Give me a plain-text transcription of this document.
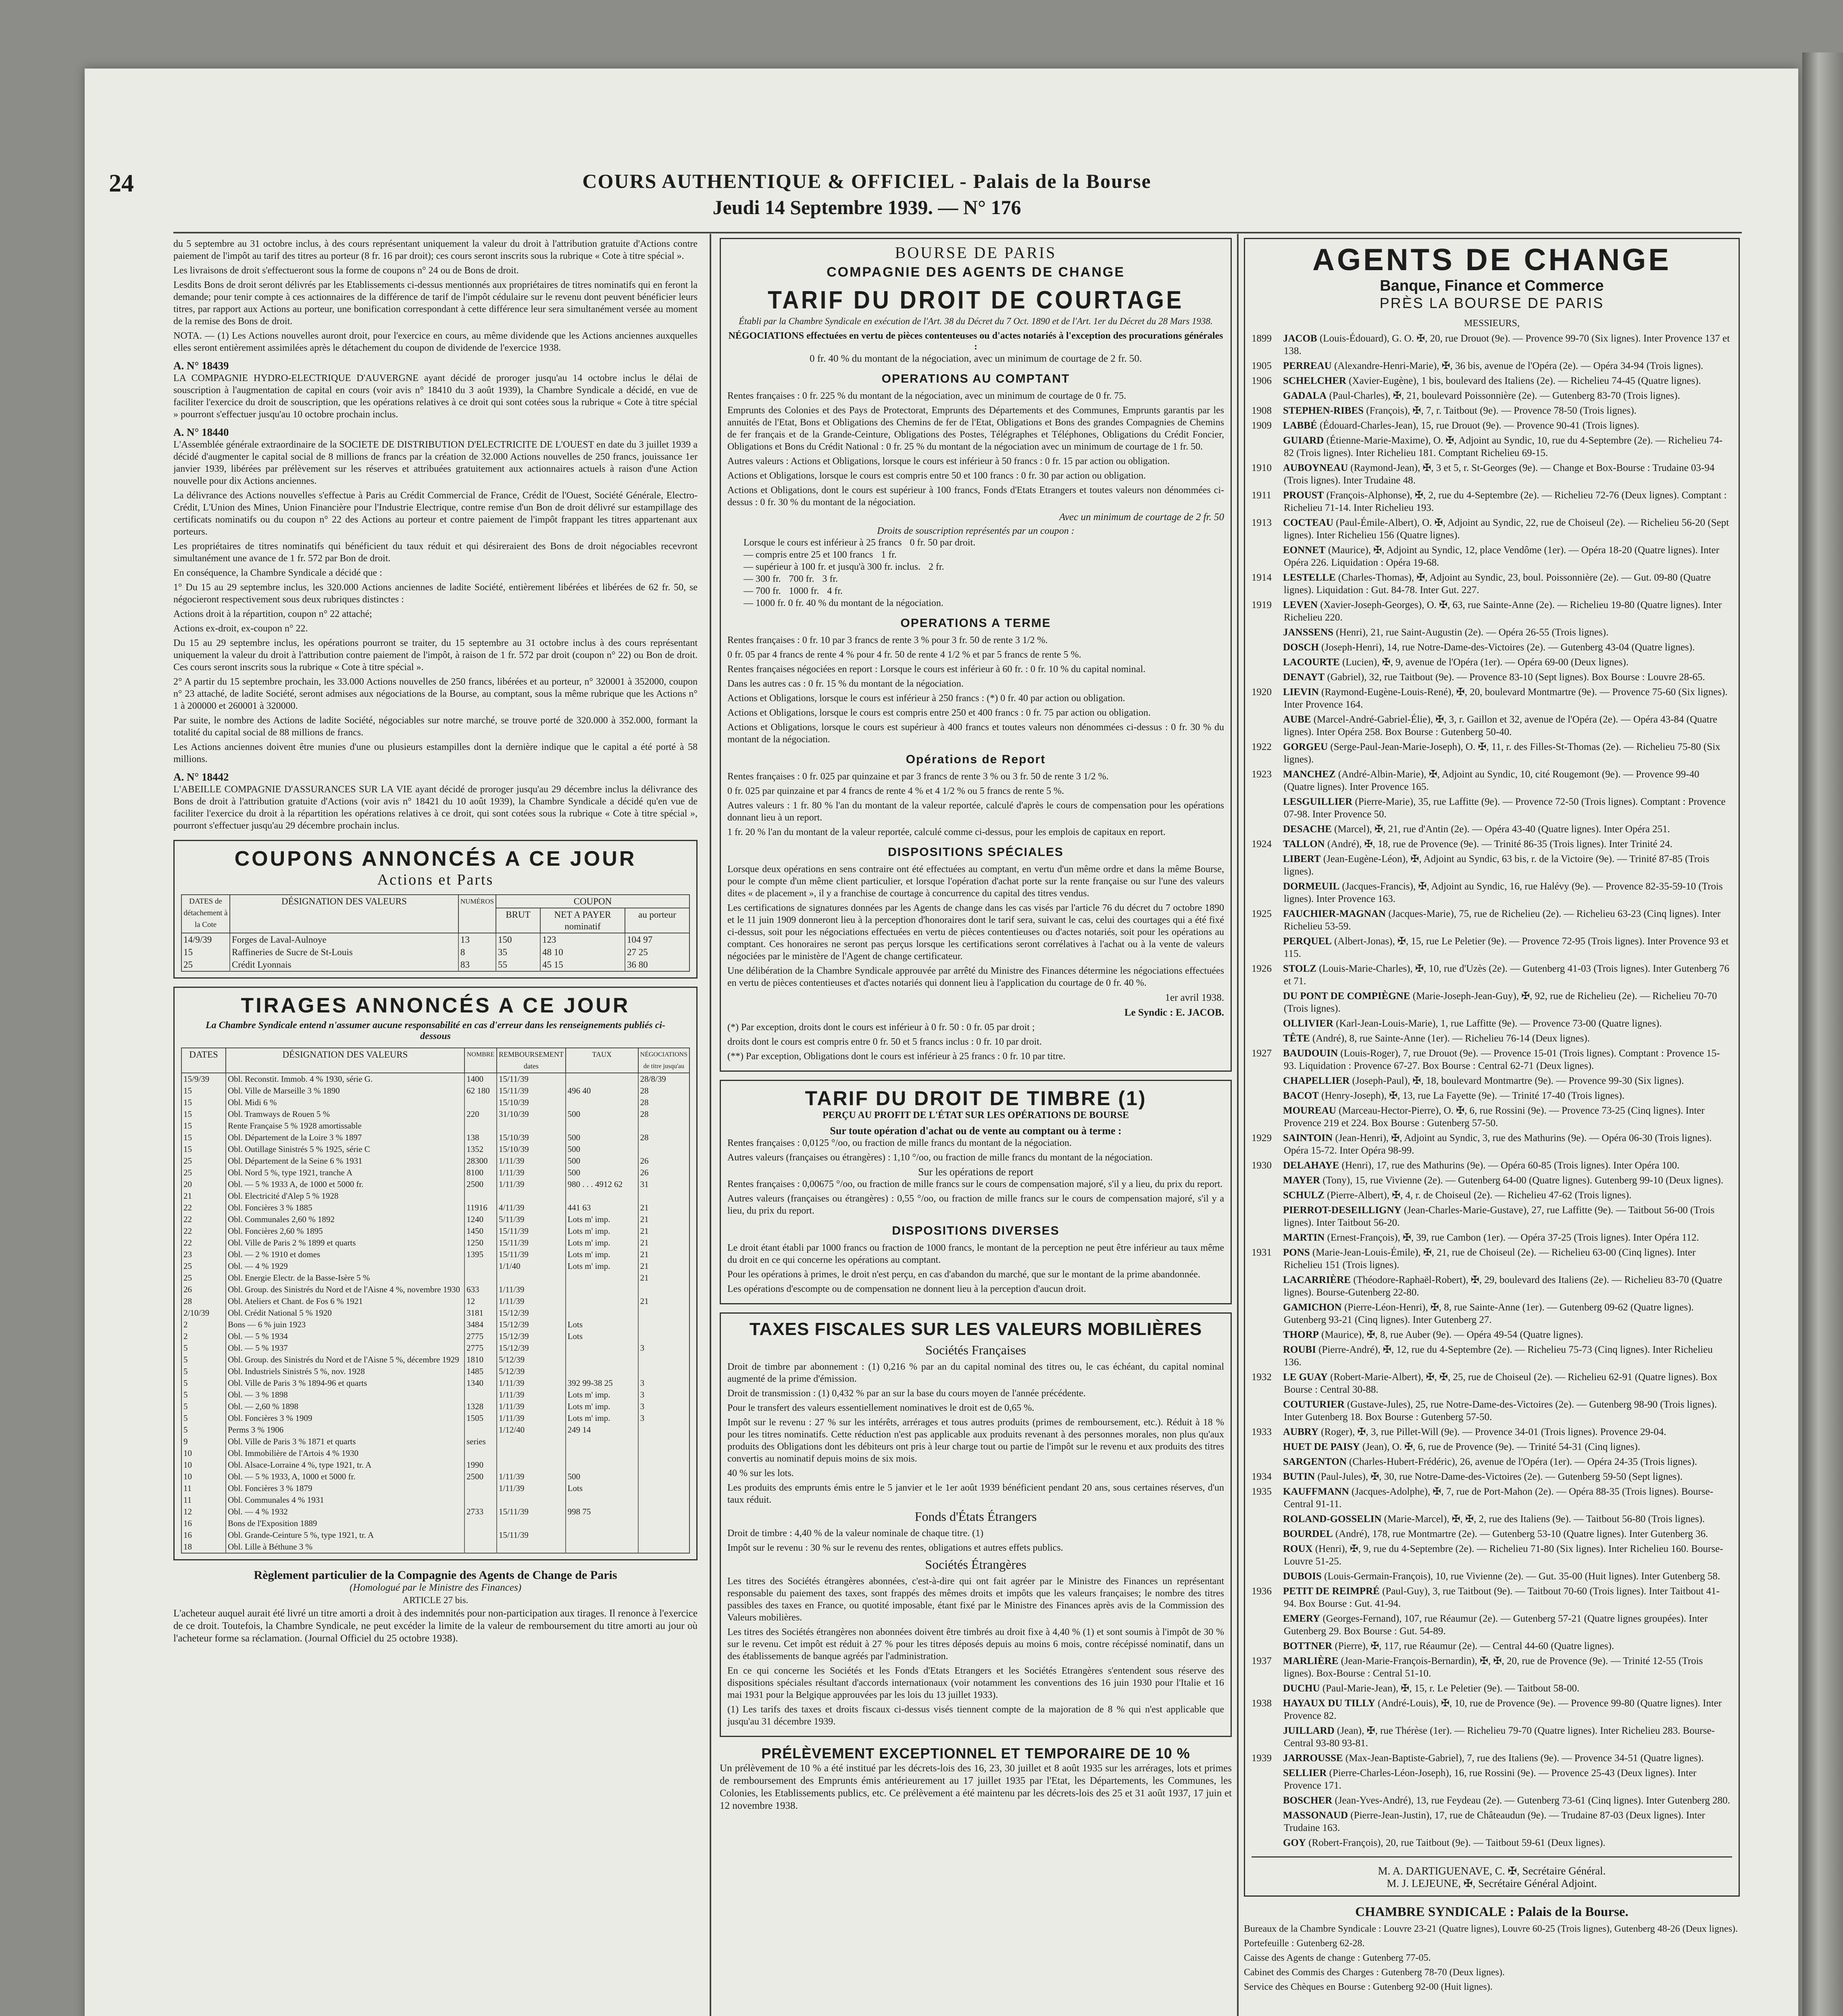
24	COURS AUTHENTIQUE & OFFICIEL - Palais de la Bourse
Jeudi 14 Septembre 1939. — N° 176

du 5 septembre au 31 octobre inclus, à des cours représentant uniquement la valeur du droit à l'attribution gratuite d'Actions contre paiement de l'impôt au tarif des titres au porteur (8 fr. 16 par droit); ces cours seront inscrits sous la rubrique « Cote à titre spécial ».

Les livraisons de droit s'effectueront sous la forme de coupons n° 24 ou de Bons de droit.

Lesdits Bons de droit seront délivrés par les Etablissements ci-dessus mentionnés aux propriétaires de titres nominatifs qui en feront la demande; pour tenir compte à ces actionnaires de la différence de tarif de l'impôt cédulaire sur le revenu dont peuvent bénéficier leurs titres, par rapport aux Actions au porteur, une bonification correspondant à cette différence leur sera simultanément versée au moment de la remise des Bons de droit.

NOTA. — (1) Les Actions nouvelles auront droit, pour l'exercice en cours, au même dividende que les Actions anciennes auxquelles elles seront entièrement assimilées après le détachement du coupon de dividende de l'exercice 1938.

A. N° 18439

LA COMPAGNIE HYDRO-ELECTRIQUE D'AUVERGNE ayant décidé de proroger jusqu'au 14 octobre inclus le délai de souscription à l'augmentation de capital en cours (voir avis n° 18410 du 3 août 1939), la Chambre Syndicale a décidé, en vue de faciliter l'exercice du droit de souscription, que les opérations relatives à ce droit qui sont cotées sous la rubrique « Cote à titre spécial » pourront s'effectuer jusqu'au 10 octobre prochain inclus.

A. N° 18440

L'Assemblée générale extraordinaire de la SOCIETE DE DISTRIBUTION D'ELECTRICITE DE L'OUEST en date du 3 juillet 1939 a décidé d'augmenter le capital social de 8 millions de francs par la création de 32.000 Actions nouvelles de 250 francs, jouissance 1er janvier 1939, libérées par prélèvement sur les réserves et attribuées gratuitement aux actionnaires actuels à raison d'une Action nouvelle pour dix Actions anciennes.

La délivrance des Actions nouvelles s'effectue à Paris au Crédit Commercial de France, Crédit de l'Ouest, Société Générale, Electro-Crédit, L'Union des Mines, Union Financière pour l'Industrie Electrique, contre remise d'un Bon de droit délivré sur estampillage des certificats nominatifs ou du coupon n° 22 des Actions au porteur et contre paiement de l'impôt frappant les titres appartenant aux porteurs.

Les propriétaires de titres nominatifs qui bénéficient du taux réduit et qui désireraient des Bons de droit négociables recevront simultanément une avance de 1 fr. 572 par Bon de droit.

En conséquence, la Chambre Syndicale a décidé que :

1° Du 15 au 29 septembre inclus, les 320.000 Actions anciennes de ladite Société, entièrement libérées et libérées de 62 fr. 50, se négocieront respectivement sous deux rubriques distinctes :

Actions droit à la répartition, coupon n° 22 attaché;

Actions ex-droit, ex-coupon n° 22.

Du 15 au 29 septembre inclus, les opérations pourront se traiter, du 15 septembre au 31 octobre inclus à des cours représentant uniquement la valeur du droit à l'attribution contre paiement de l'impôt, à raison de 1 fr. 572 par droit (coupon n° 22) ou Bon de droit. Ces cours seront inscrits sous la rubrique « Cote à titre spécial ».

2° A partir du 15 septembre prochain, les 33.000 Actions nouvelles de 250 francs, libérées et au porteur, n° 320001 à 352000, coupon n° 23 attaché, de ladite Société, seront admises aux négociations de la Bourse, au comptant, sous la même rubrique que les Actions n° 1 à 200000 et 260001 à 320000.

Par suite, le nombre des Actions de ladite Société, négociables sur notre marché, se trouve porté de 320.000 à 352.000, formant la totalité du capital social de 88 millions de francs.

Les Actions anciennes doivent être munies d'une ou plusieurs estampilles dont la dernière indique que le capital a été porté à 58 millions.

A. N° 18442

L'ABEILLE COMPAGNIE D'ASSURANCES SUR LA VIE ayant décidé de proroger jusqu'au 29 décembre inclus la délivrance des Bons de droit à l'attribution gratuite d'Actions (voir avis n° 18421 du 10 août 1939), la Chambre Syndicale a décidé qu'en vue de faciliter l'exercice du droit à la répartition les opérations relatives à ce droit, qui sont cotées sous la rubrique « Cote à titre spécial », pourront s'effectuer jusqu'au 29 décembre prochain inclus.

COUPONS ANNONCÉS A CE JOUR
Actions et Parts
DATES de détachement à la Cote	DÉSIGNATION DES VALEURS	NUMÉROS	COUPON		
			BRUT	NET A PAYER nominatif	au porteur
14/9/39	Forges de Laval-Aulnoye	13	150	123	104 97
15	Raffineries de Sucre de St-Louis	8	35	48 10	27 25
25	Crédit Lyonnais	83	55	45 15	36 80
TIRAGES ANNONCÉS A CE JOUR
La Chambre Syndicale entend n'assumer aucune responsabilité en cas d'erreur dans les renseignements publiés ci-dessous
DATES	DÉSIGNATION DES VALEURS	NOMBRE	REMBOURSEMENT dates	TAUX	NÉGOCIATIONS de titre jusqu'au
15/9/39	Obl. Reconstit. Immob. 4 % 1930, série G.	1400	15/11/39		28/8/39
15	Obl. Ville de Marseille 3 % 1890	62 180	15/11/39	496 40	28
15	Obl. Midi 6 %		15/10/39		28
15	Obl. Tramways de Rouen 5 %	220	31/10/39	500	28
15	Rente Française 5 % 1928 amortissable				
15	Obl. Département de la Loire 3 % 1897	138	15/10/39	500	28
15	Obl. Outillage Sinistrés 5 % 1925, série C	1352	15/10/39	500	
25	Obl. Département de la Seine 6 % 1931	28300	1/11/39	500	26
25	Obl. Nord 5 %, type 1921, tranche A	8100	1/11/39	500	26
20	Obl. — 5 % 1933 A, de 1000 et 5000 fr.	2500	1/11/39	980 . . . 4912 62	31
21	Obl. Electricité d'Alep 5 % 1928				
22	Obl. Foncières 3 % 1885	11916	4/11/39	441 63	21
22	Obl. Communales 2,60 % 1892	1240	5/11/39	Lots m' imp.	21
22	Obl. Foncières 2,60 % 1895	1450	15/11/39	Lots m' imp.	21
22	Obl. Ville de Paris 2 % 1899 et quarts	1250	15/11/39	Lots m' imp.	21
23	Obl. — 2 % 1910 et domes	1395	15/11/39	Lots m' imp.	21
25	Obl. — 4 % 1929		1/1/40	Lots m' imp.	21
25	Obl. Energie Electr. de la Basse-Isère 5 %				21
26	Obl. Group. des Sinistrés du Nord et de l'Aisne 4 %, novembre 1930	633	1/11/39		
28	Obl. Ateliers et Chant. de Fos 6 % 1921	12	1/11/39		21
2/10/39	Obl. Crédit National 5 % 1920	3181	15/12/39		
2	Bons — 6 % juin 1923	3484	15/12/39	Lots	
2	Obl. — 5 % 1934	2775	15/12/39	Lots	
5	Obl. — 5 % 1937	2775	15/12/39		3
5	Obl. Group. des Sinistrés du Nord et de l'Aisne 5 %, décembre 1929	1810	5/12/39		
5	Obl. Industriels Sinistrés 5 %, nov. 1928	1485	5/12/39		
5	Obl. Ville de Paris 3 % 1894-96 et quarts	1340	1/11/39	392 99-38 25	3
5	Obl. — 3 % 1898		1/11/39	Lots m' imp.	3
5	Obl. — 2,60 % 1898	1328	1/11/39	Lots m' imp.	3
5	Obl. Foncières 3 % 1909	1505	1/11/39	Lots m' imp.	3
5	Perms 3 % 1906		1/12/40	249 14	
9	Obl. Ville de Paris 3 % 1871 et quarts	series			
10	Obl. Immobilière de l'Artois 4 % 1930				
10	Obl. Alsace-Lorraine 4 %, type 1921, tr. A	1990			
10	Obl. — 5 % 1933, A, 1000 et 5000 fr.	2500	1/11/39	500	
11	Obl. Foncières 3 % 1879		1/11/39	Lots	
11	Obl. Communales 4 % 1931				
12	Obl. — 4 % 1932	2733	15/11/39	998 75	
16	Bons de l'Exposition 1889				
16	Obl. Grande-Ceinture 5 %, type 1921, tr. A		15/11/39		
18	Obl. Lille à Béthune 3 %				
Règlement particulier de la Compagnie des Agents de Change de Paris
(Homologué par le Ministre des Finances)
ARTICLE 27 bis.

L'acheteur auquel aurait été livré un titre amorti a droit à des indemnités pour non-participation aux tirages. Il renonce à l'exercice de ce droit. Toutefois, la Chambre Syndicale, ne peut excéder la limite de la valeur de remboursement du titre amorti au jour où l'acheteur forme sa réclamation. (Journal Officiel du 25 octobre 1938).

BOURSE DE PARIS
COMPAGNIE DES AGENTS DE CHANGE
TARIF DU DROIT DE COURTAGE
Établi par la Chambre Syndicale en exécution de l'Art. 38 du Décret du 7 Oct. 1890 et de l'Art. 1er du Décret du 28 Mars 1938.
NÉGOCIATIONS effectuées en vertu de pièces contenteuses ou d'actes notariés à l'exception des procurations générales :

0 fr. 40 % du montant de la négociation, avec un minimum de courtage de 2 fr. 50.

OPERATIONS AU COMPTANT

Rentes françaises : 0 fr. 225 % du montant de la négociation, avec un minimum de courtage de 0 fr. 75.

Emprunts des Colonies et des Pays de Protectorat, Emprunts des Départements et des Communes, Emprunts garantis par les annuités de l'Etat, Bons et Obligations des Chemins de fer de l'Etat, Obligations et Bons des grandes Compagnies de Chemins de fer français et de la Grande-Ceinture, Obligations des Postes, Télégraphes et Téléphones, Obligations du Crédit Foncier, Obligations et Bons du Crédit National : 0 fr. 25 % du montant de la négociation avec un minimum de courtage de 1 fr. 50.

Autres valeurs : Actions et Obligations, lorsque le cours est inférieur à 50 francs : 0 fr. 15 par action ou obligation.

Actions et Obligations, lorsque le cours est compris entre 50 et 100 francs : 0 fr. 30 par action ou obligation.

Actions et Obligations, dont le cours est supérieur à 100 francs, Fonds d'Etats Etrangers et toutes valeurs non dénommées ci-dessus : 0 fr. 30 % du montant de la négociation.

Avec un minimum de courtage de 2 fr. 50

Droits de souscription représentés par un coupon :
Lorsque le cours est inférieur à 25 francs 0 fr. 50 par droit.
— compris entre 25 et 100 francs 1 fr.
— supérieur à 100 fr. et jusqu'à 300 fr. inclus. 2 fr.
— 300 fr. 700 fr. 3 fr.
— 700 fr. 1000 fr. 4 fr.
— 1000 fr. 0 fr. 40 % du montant de la négociation.
OPERATIONS A TERME

Rentes françaises : 0 fr. 10 par 3 francs de rente 3 % pour 3 fr. 50 de rente 3 1/2 %.

0 fr. 05 par 4 francs de rente 4 % pour 4 fr. 50 de rente 4 1/2 % et par 5 francs de rente 5 %.

Rentes françaises négociées en report : Lorsque le cours est inférieur à 60 fr. : 0 fr. 10 % du capital nominal.

Dans les autres cas : 0 fr. 15 % du montant de la négociation.

Actions et Obligations, lorsque le cours est inférieur à 250 francs : (*) 0 fr. 40 par action ou obligation.

Actions et Obligations, lorsque le cours est compris entre 250 et 400 francs : 0 fr. 75 par action ou obligation.

Actions et Obligations, lorsque le cours est supérieur à 400 francs et toutes valeurs non dénommées ci-dessus : 0 fr. 30 % du montant de la négociation.

Opérations de Report

Rentes françaises : 0 fr. 025 par quinzaine et par 3 francs de rente 3 % ou 3 fr. 50 de rente 3 1/2 %.

0 fr. 025 par quinzaine et par 4 francs de rente 4 % et 4 1/2 % ou 5 francs de rente 5 %.

Autres valeurs : 1 fr. 80 % l'an du montant de la valeur reportée, calculé d'après le cours de compensation pour les opérations donnant lieu à un report.

1 fr. 20 % l'an du montant de la valeur reportée, calculé comme ci-dessus, pour les emplois de capitaux en report.

DISPOSITIONS SPÉCIALES

Lorsque deux opérations en sens contraire ont été effectuées au comptant, en vertu d'un même ordre et dans la même Bourse, pour le compte d'un même client particulier, et lorsque l'opération d'achat porte sur la rente française ou sur l'une des valeurs dites « de placement », il y a franchise de courtage à concurrence du capital des titres vendus.

Les certifications de signatures données par les Agents de change dans les cas visés par l'article 76 du décret du 7 octobre 1890 et le 11 juin 1909 donneront lieu à la perception d'honoraires dont le tarif sera, suivant le cas, celui des courtages qui a été fixé ci-dessus, soit pour les négociations effectuées en vertu de pièces contentieuses ou d'actes notariés, soit pour les opérations au comptant. Ces honoraires ne seront pas perçus lorsque les certifications seront corrélatives à l'achat ou à la vente de valeurs négociées par le ministère de l'Agent de change certificateur.

Une délibération de la Chambre Syndicale approuvée par arrêté du Ministre des Finances détermine les négociations effectuées en vertu de pièces contentieuses et d'actes notariés qui donnent lieu à l'application du courtage de 0 fr. 40 %.

1er avril 1938.

Le Syndic : E. JACOB.

(*) Par exception, droits dont le cours est inférieur à 0 fr. 50 : 0 fr. 05 par droit ;

droits dont le cours est compris entre 0 fr. 50 et 5 francs inclus : 0 fr. 10 par droit.

(**) Par exception, Obligations dont le cours est inférieur à 25 francs : 0 fr. 10 par titre.

TARIF DU DROIT DE TIMBRE (1)
PERÇU AU PROFIT DE L'ÉTAT SUR LES OPÉRATIONS DE BOURSE
Sur toute opération d'achat ou de vente au comptant ou à terme :

Rentes françaises : 0,0125 °/oo, ou fraction de mille francs du montant de la négociation.

Autres valeurs (françaises ou étrangères) : 1,10 °/oo, ou fraction de mille francs du montant de la négociation.

Sur les opérations de report

Rentes françaises : 0,00675 °/oo, ou fraction de mille francs sur le cours de compensation majoré, s'il y a lieu, du prix du report.

Autres valeurs (françaises ou étrangères) : 0,55 °/oo, ou fraction de mille francs sur le cours de compensation majoré, s'il y a lieu, du prix du report.

DISPOSITIONS DIVERSES

Le droit étant établi par 1000 francs ou fraction de 1000 francs, le montant de la perception ne peut être inférieur au taux même du droit en ce qui concerne les opérations au comptant.

Pour les opérations à primes, le droit n'est perçu, en cas d'abandon du marché, que sur le montant de la prime abandonnée.

Les opérations d'escompte ou de compensation ne donnent lieu à la perception d'aucun droit.

TAXES FISCALES SUR LES VALEURS MOBILIÈRES
Sociétés Françaises

Droit de timbre par abonnement : (1) 0,216 % par an du capital nominal des titres ou, le cas échéant, du capital nominal augmenté de la prime d'émission.

Droit de transmission : (1) 0,432 % par an sur la base du cours moyen de l'année précédente.

Pour le transfert des valeurs essentiellement nominatives le droit est de 0,65 %.

Impôt sur le revenu : 27 % sur les intérêts, arrérages et tous autres produits (primes de remboursement, etc.). Réduit à 18 % pour les titres nominatifs. Cette réduction n'est pas applicable aux produits revenant à des personnes morales, non plus qu'aux produits des Obligations dont les débiteurs ont pris à leur charge tout ou partie de l'impôt sur le revenu et aux produits des titres convertis au nominatif depuis moins de six mois.

40 % sur les lots.

Les produits des emprunts émis entre le 5 janvier et le 1er août 1939 bénéficient pendant 20 ans, sous certaines réserves, d'un taux réduit.

Fonds d'États Étrangers

Droit de timbre : 4,40 % de la valeur nominale de chaque titre. (1)

Impôt sur le revenu : 30 % sur le revenu des rentes, obligations et autres effets publics.

Sociétés Étrangères

Les titres des Sociétés étrangères abonnées, c'est-à-dire qui ont fait agréer par le Ministre des Finances un représentant responsable du paiement des taxes, sont frappés des mêmes droits et impôts que les valeurs françaises; le nombre des titres passibles des taxes en France, ou quotité imposable, étant fixé par le Ministre des Finances après avis de la Commission des Valeurs mobilières.

Les titres des Sociétés étrangères non abonnées doivent être timbrés au droit fixe à 4,40 % (1) et sont soumis à l'impôt de 30 % sur le revenu. Cet impôt est réduit à 27 % pour les titres déposés depuis au moins 6 mois, contre récépissé nominatif, dans un des établissements de banque agréés par l'administration.

En ce qui concerne les Sociétés et les Fonds d'Etats Etrangers et les Sociétés Etrangères s'entendent sous réserve des dispositions spéciales résultant d'accords internationaux (voir notamment les conventions des 16 juin 1930 pour l'Italie et 16 mai 1931 pour la Belgique approuvées par les lois du 13 juillet 1933).

(1) Les tarifs des taxes et droits fiscaux ci-dessus visés tiennent compte de la majoration de 8 % qui n'est applicable que jusqu'au 31 décembre 1939.

PRÉLÈVEMENT EXCEPTIONNEL ET TEMPORAIRE DE 10 %

Un prélèvement de 10 % a été institué par les décrets-lois des 16, 23, 30 juillet et 8 août 1935 sur les arrérages, lots et primes de remboursement des Emprunts émis antérieurement au 17 juillet 1935 par l'Etat, les Départements, les Communes, les Colonies, les Etablissements publics, etc. Ce prélèvement a été maintenu par les décrets-lois des 25 et 31 août 1937, 17 juin et 12 novembre 1938.

AGENTS DE CHANGE
Banque, Finance et Commerce
PRÈS LA BOURSE DE PARIS
MESSIEURS,
1899 JACOB (Louis-Édouard), G. O. ✠, 20, rue Drouot (9e). — Provence 99-70 (Six lignes). Inter Provence 137 et 138.
1905 PERREAU (Alexandre-Henri-Marie), ✠, 36 bis, avenue de l'Opéra (2e). — Opéra 34-94 (Trois lignes).
1906 SCHELCHER (Xavier-Eugène), 1 bis, boulevard des Italiens (2e). — Richelieu 74-45 (Quatre lignes).
GADALA (Paul-Charles), ✠, 21, boulevard Poissonnière (2e). — Gutenberg 83-70 (Trois lignes).
1908 STEPHEN-RIBES (François), ✠, 7, r. Taitbout (9e). — Provence 78-50 (Trois lignes).
1909 LABBÉ (Édouard-Charles-Jean), 15, rue Drouot (9e). — Provence 90-41 (Trois lignes).
GUIARD (Étienne-Marie-Maxime), O. ✠, Adjoint au Syndic, 10, rue du 4-Septembre (2e). — Richelieu 74-82 (Trois lignes). Inter Richelieu 181. Comptant Richelieu 69-15.
1910 AUBOYNEAU (Raymond-Jean), ✠, 3 et 5, r. St-Georges (9e). — Change et Box-Bourse : Trudaine 03-94 (Trois lignes). Inter Trudaine 48.
1911 PROUST (François-Alphonse), ✠, 2, rue du 4-Septembre (2e). — Richelieu 72-76 (Deux lignes). Comptant : Richelieu 71-14. Inter Richelieu 193.
1913 COCTEAU (Paul-Émile-Albert), O. ✠, Adjoint au Syndic, 22, rue de Choiseul (2e). — Richelieu 56-20 (Sept lignes). Inter Richelieu 156 (Quatre lignes).
EONNET (Maurice), ✠, Adjoint au Syndic, 12, place Vendôme (1er). — Opéra 18-20 (Quatre lignes). Inter Opéra 226. Liquidation : Opéra 19-68.
1914 LESTELLE (Charles-Thomas), ✠, Adjoint au Syndic, 23, boul. Poissonnière (2e). — Gut. 09-80 (Quatre lignes). Liquidation : Gut. 84-78. Inter Gut. 227.
1919 LEVEN (Xavier-Joseph-Georges), O. ✠, 63, rue Sainte-Anne (2e). — Richelieu 19-80 (Quatre lignes). Inter Richelieu 220.
JANSSENS (Henri), 21, rue Saint-Augustin (2e). — Opéra 26-55 (Trois lignes).
DOSCH (Joseph-Henri), 14, rue Notre-Dame-des-Victoires (2e). — Gutenberg 43-04 (Quatre lignes).
LACOURTE (Lucien), ✠, 9, avenue de l'Opéra (1er). — Opéra 69-00 (Deux lignes).
DENAYT (Gabriel), 32, rue Taitbout (9e). — Provence 83-10 (Sept lignes). Box Bourse : Louvre 28-65.
1920 LIEVIN (Raymond-Eugène-Louis-René), ✠, 20, boulevard Montmartre (9e). — Provence 75-60 (Six lignes). Inter Provence 164.
AUBE (Marcel-André-Gabriel-Élie), ✠, 3, r. Gaillon et 32, avenue de l'Opéra (2e). — Opéra 43-84 (Quatre lignes). Inter Opéra 258. Box Bourse : Gutenberg 50-40.
1922 GORGEU (Serge-Paul-Jean-Marie-Joseph), O. ✠, 11, r. des Filles-St-Thomas (2e). — Richelieu 75-80 (Six lignes).
1923 MANCHEZ (André-Albin-Marie), ✠, Adjoint au Syndic, 10, cité Rougemont (9e). — Provence 99-40 (Quatre lignes). Inter Provence 165.
LESGUILLIER (Pierre-Marie), 35, rue Laffitte (9e). — Provence 72-50 (Trois lignes). Comptant : Provence 07-98. Inter Provence 50.
DESACHE (Marcel), ✠, 21, rue d'Antin (2e). — Opéra 43-40 (Quatre lignes). Inter Opéra 251.
1924 TALLON (André), ✠, 18, rue de Provence (9e). — Trinité 86-35 (Trois lignes). Inter Trinité 24.
LIBERT (Jean-Eugène-Léon), ✠, Adjoint au Syndic, 63 bis, r. de la Victoire (9e). — Trinité 87-85 (Trois lignes).
DORMEUIL (Jacques-Francis), ✠, Adjoint au Syndic, 16, rue Halévy (9e). — Provence 82-35-59-10 (Trois lignes). Inter Provence 163.
1925 FAUCHIER-MAGNAN (Jacques-Marie), 75, rue de Richelieu (2e). — Richelieu 63-23 (Cinq lignes). Inter Richelieu 53-59.
PERQUEL (Albert-Jonas), ✠, 15, rue Le Peletier (9e). — Provence 72-95 (Trois lignes). Inter Provence 93 et 115.
1926 STOLZ (Louis-Marie-Charles), ✠, 10, rue d'Uzès (2e). — Gutenberg 41-03 (Trois lignes). Inter Gutenberg 76 et 71.
DU PONT DE COMPIÈGNE (Marie-Joseph-Jean-Guy), ✠, 92, rue de Richelieu (2e). — Richelieu 70-70 (Trois lignes).
OLLIVIER (Karl-Jean-Louis-Marie), 1, rue Laffitte (9e). — Provence 73-00 (Quatre lignes).
TÊTE (André), 8, rue Sainte-Anne (1er). — Richelieu 76-14 (Deux lignes).
1927 BAUDOUIN (Louis-Roger), 7, rue Drouot (9e). — Provence 15-01 (Trois lignes). Comptant : Provence 15-93. Liquidation : Provence 67-27. Box Bourse : Central 62-71 (Deux lignes).
CHAPELLIER (Joseph-Paul), ✠, 18, boulevard Montmartre (9e). — Provence 99-30 (Six lignes).
BACOT (Henry-Joseph), ✠, 13, rue La Fayette (9e). — Trinité 17-40 (Trois lignes).
MOUREAU (Marceau-Hector-Pierre), O. ✠, 6, rue Rossini (9e). — Provence 73-25 (Cinq lignes). Inter Provence 219 et 224. Box Bourse : Gutenberg 57-50.
1929 SAINTOIN (Jean-Henri), ✠, Adjoint au Syndic, 3, rue des Mathurins (9e). — Opéra 06-30 (Trois lignes). Opéra 15-72. Inter Opéra 98-99.
1930 DELAHAYE (Henri), 17, rue des Mathurins (9e). — Opéra 60-85 (Trois lignes). Inter Opéra 100.
MAYER (Tony), 15, rue Vivienne (2e). — Gutenberg 64-00 (Quatre lignes). Gutenberg 99-10 (Deux lignes).
SCHULZ (Pierre-Albert), ✠, 4, r. de Choiseul (2e). — Richelieu 47-62 (Trois lignes).
PIERROT-DESEILLIGNY (Jean-Charles-Marie-Gustave), 27, rue Laffitte (9e). — Taitbout 56-00 (Trois lignes). Inter Taitbout 56-20.
MARTIN (Ernest-François), ✠, 39, rue Cambon (1er). — Opéra 37-25 (Trois lignes). Inter Opéra 112.
1931 PONS (Marie-Jean-Louis-Émile), ✠, 21, rue de Choiseul (2e). — Richelieu 63-00 (Cinq lignes). Inter Richelieu 151 (Trois lignes).
LACARRIÈRE (Théodore-Raphaël-Robert), ✠, 29, boulevard des Italiens (2e). — Richelieu 83-70 (Quatre lignes). Bourse-Gutenberg 22-80.
GAMICHON (Pierre-Léon-Henri), ✠, 8, rue Sainte-Anne (1er). — Gutenberg 09-62 (Quatre lignes). Gutenberg 93-21 (Cinq lignes). Inter Gutenberg 27.
THORP (Maurice), ✠, 8, rue Auber (9e). — Opéra 49-54 (Quatre lignes).
ROUBI (Pierre-André), ✠, 12, rue du 4-Septembre (2e). — Richelieu 75-73 (Cinq lignes). Inter Richelieu 136.
1932 LE GUAY (Robert-Marie-Albert), ✠, ✠, 25, rue de Choiseul (2e). — Richelieu 62-91 (Quatre lignes). Box Bourse : Central 30-88.
COUTURIER (Gustave-Jules), 25, rue Notre-Dame-des-Victoires (2e). — Gutenberg 98-90 (Trois lignes). Inter Gutenberg 18. Box Bourse : Gutenberg 57-50.
1933 AUBRY (Roger), ✠, 3, rue Pillet-Will (9e). — Provence 34-01 (Trois lignes). Provence 29-04.
HUET DE PAISY (Jean), O. ✠, 6, rue de Provence (9e). — Trinité 54-31 (Cinq lignes).
SARGENTON (Charles-Hubert-Frédéric), 26, avenue de l'Opéra (1er). — Opéra 24-35 (Trois lignes).
1934 BUTIN (Paul-Jules), ✠, 30, rue Notre-Dame-des-Victoires (2e). — Gutenberg 59-50 (Sept lignes).
1935 KAUFFMANN (Jacques-Adolphe), ✠, 7, rue de Port-Mahon (2e). — Opéra 88-35 (Trois lignes). Bourse-Central 91-11.
ROLAND-GOSSELIN (Marie-Marcel), ✠, ✠, 2, rue des Italiens (9e). — Taitbout 56-80 (Trois lignes).
BOURDEL (André), 178, rue Montmartre (2e). — Gutenberg 53-10 (Quatre lignes). Inter Gutenberg 36.
ROUX (Henri), ✠, 9, rue du 4-Septembre (2e). — Richelieu 71-80 (Six lignes). Inter Richelieu 160. Bourse-Louvre 51-25.
DUBOIS (Louis-Germain-François), 10, rue Vivienne (2e). — Gut. 35-00 (Huit lignes). Inter Gutenberg 58.
1936 PETIT DE REIMPRÉ (Paul-Guy), 3, rue Taitbout (9e). — Taitbout 70-60 (Trois lignes). Inter Taitbout 41-94. Box Bourse : Gut. 41-94.
EMERY (Georges-Fernand), 107, rue Réaumur (2e). — Gutenberg 57-21 (Quatre lignes groupées). Inter Gutenberg 29. Box Bourse : Gut. 54-89.
BOTTNER (Pierre), ✠, 117, rue Réaumur (2e). — Central 44-60 (Quatre lignes).
1937 MARLIÈRE (Jean-Marie-François-Bernardin), ✠, ✠, 20, rue de Provence (9e). — Trinité 12-55 (Trois lignes). Box-Bourse : Central 51-10.
DUCHU (Paul-Marie-Jean), ✠, 15, r. Le Peletier (9e). — Taitbout 58-00.
1938 HAYAUX DU TILLY (André-Louis), ✠, 10, rue de Provence (9e). — Provence 99-80 (Quatre lignes). Inter Provence 82.
JUILLARD (Jean), ✠, rue Thérèse (1er). — Richelieu 79-70 (Quatre lignes). Inter Richelieu 283. Bourse-Central 93-80 93-81.
1939 JARROUSSE (Max-Jean-Baptiste-Gabriel), 7, rue des Italiens (9e). — Provence 34-51 (Quatre lignes).
SELLIER (Pierre-Charles-Léon-Joseph), 16, rue Rossini (9e). — Provence 25-43 (Deux lignes). Inter Provence 171.
BOSCHER (Jean-Yves-André), 13, rue Feydeau (2e). — Gutenberg 73-61 (Cinq lignes). Inter Gutenberg 280.
MASSONAUD (Pierre-Jean-Justin), 17, rue de Châteaudun (9e). — Trudaine 87-03 (Deux lignes). Inter Trudaine 163.
GOY (Robert-François), 20, rue Taitbout (9e). — Taitbout 59-61 (Deux lignes).
M. A. DARTIGUENAVE, C. ✠, Secrétaire Général.
M. J. LEJEUNE, ✠, Secrétaire Général Adjoint.
CHAMBRE SYNDICALE : Palais de la Bourse.

Bureaux de la Chambre Syndicale : Louvre 23-21 (Quatre lignes), Louvre 60-25 (Trois lignes), Gutenberg 48-26 (Deux lignes).

Portefeuille : Gutenberg 62-28.

Caisse des Agents de change : Gutenberg 77-05.

Cabinet des Commis des Charges : Gutenberg 78-70 (Deux lignes).

Service des Chèques en Bourse : Gutenberg 92-00 (Huit lignes).
